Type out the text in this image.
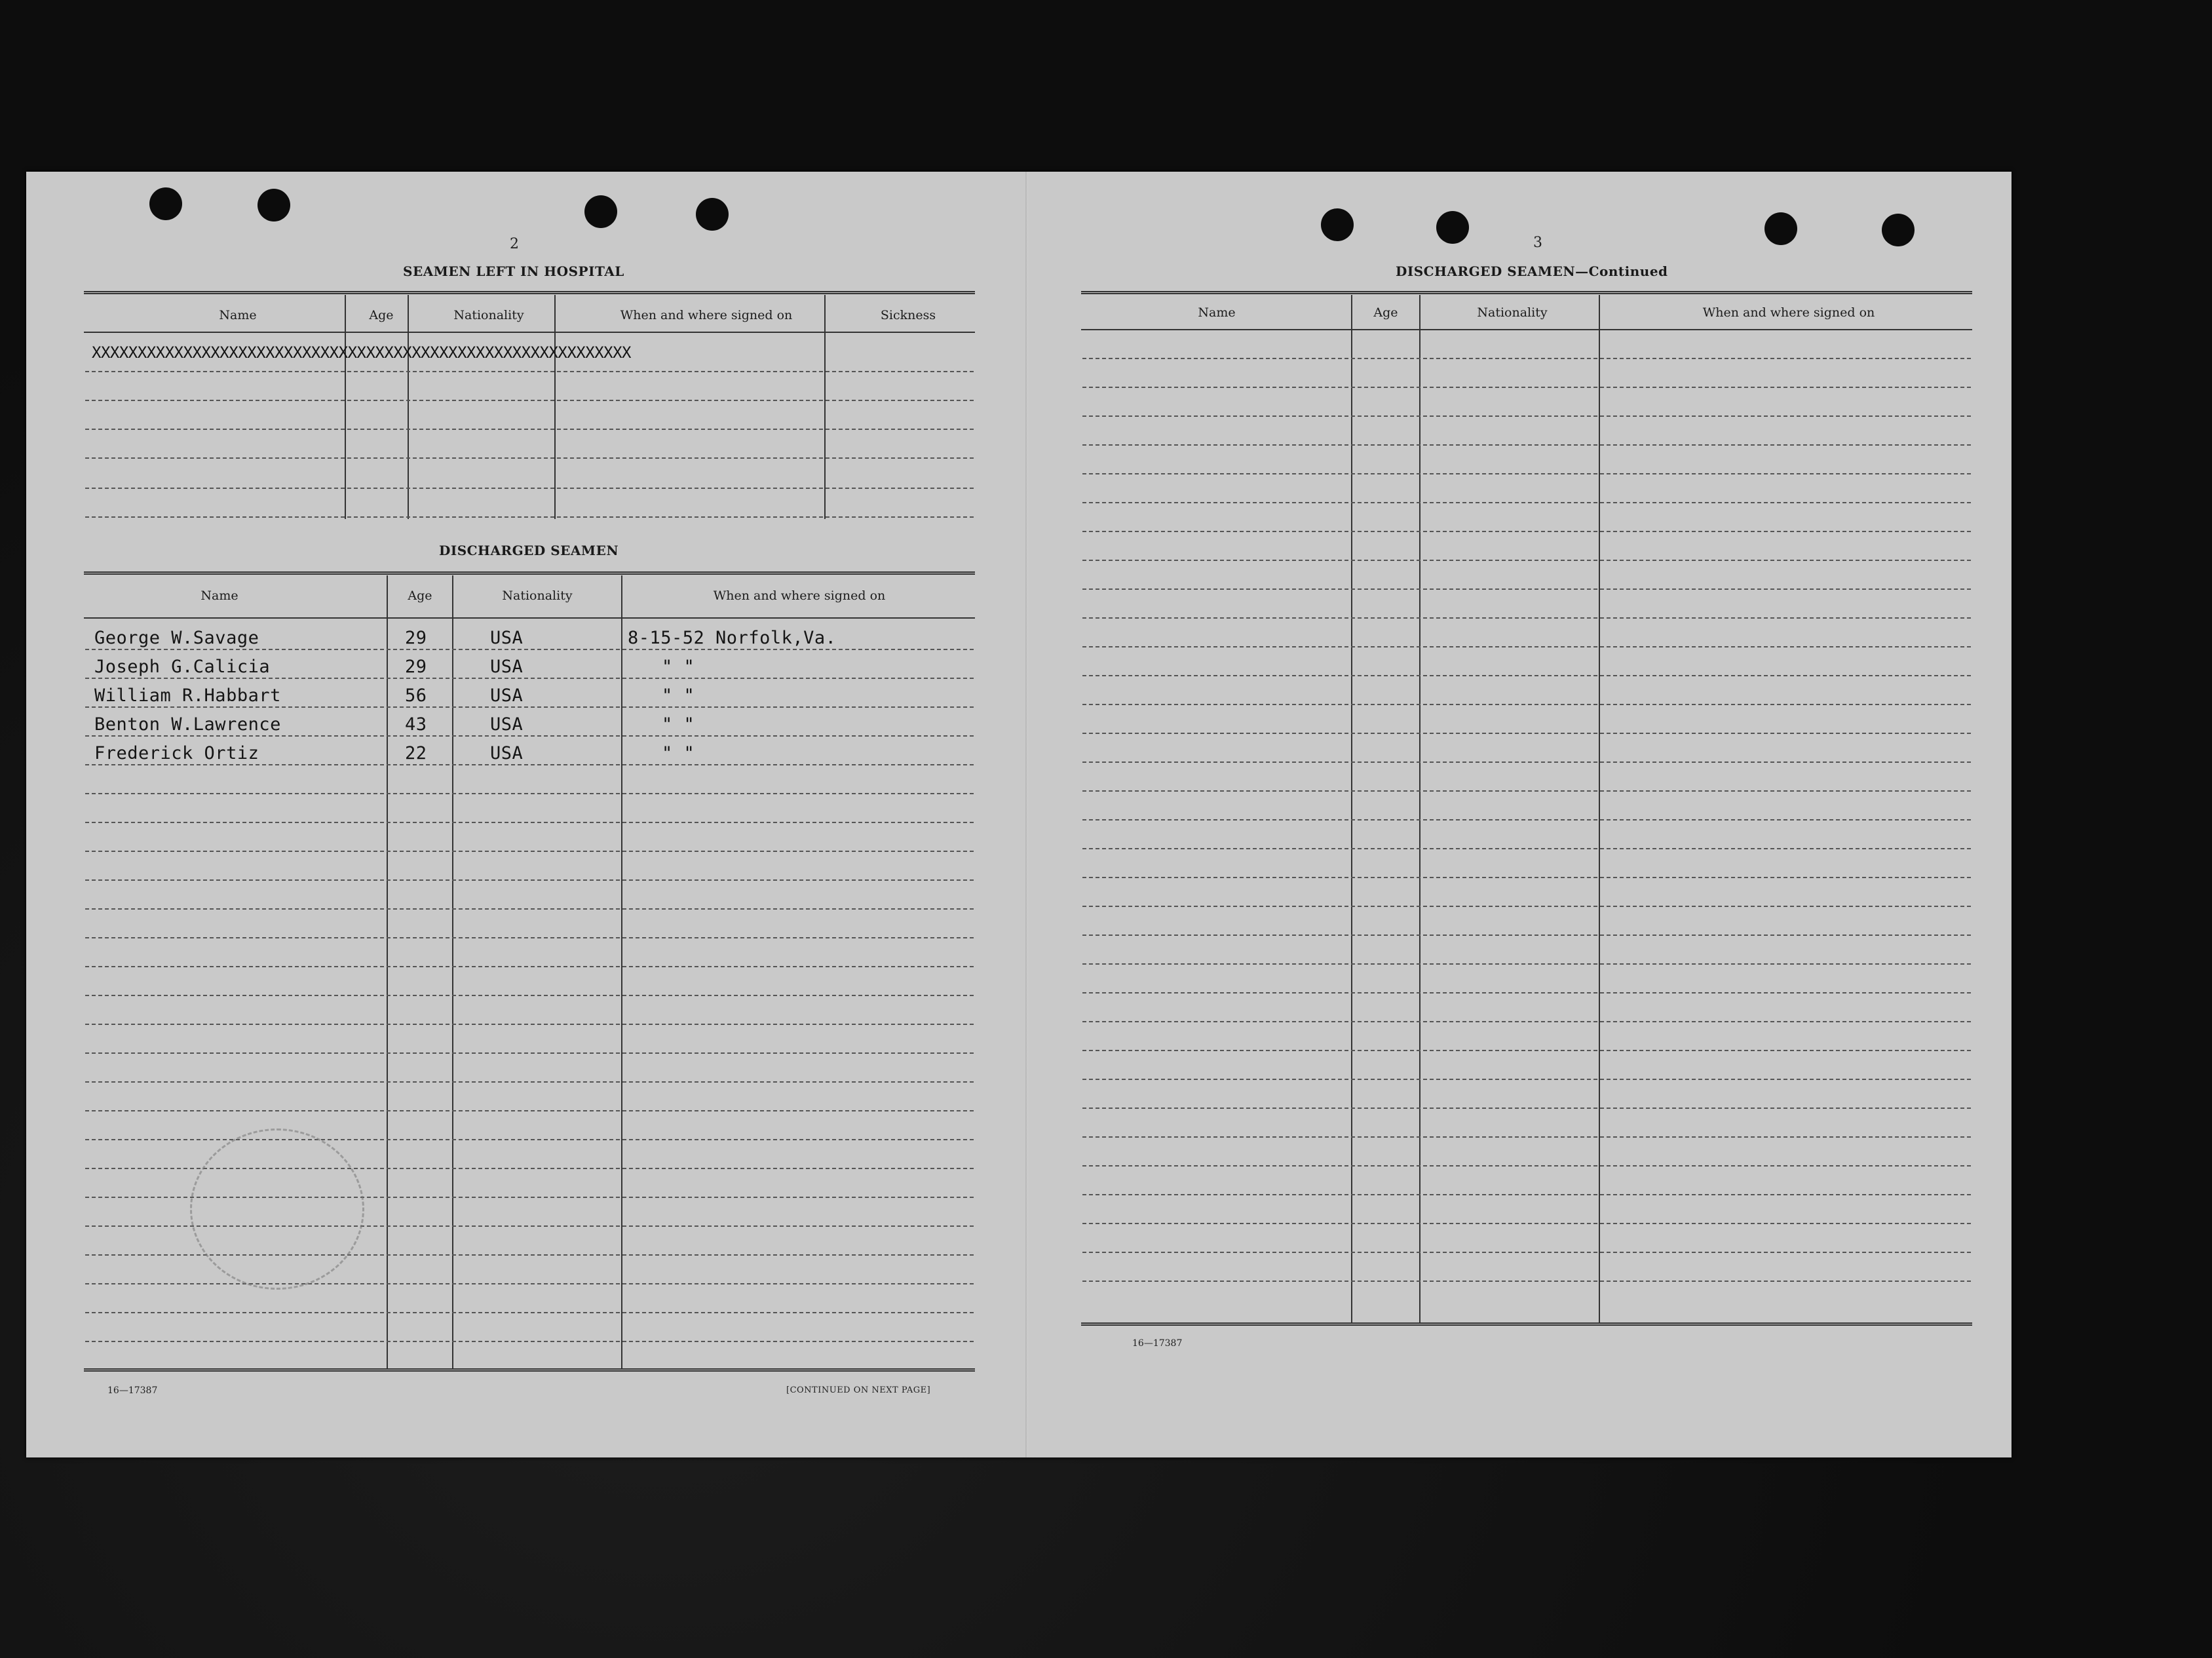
2
SEAMEN LEFT IN HOSPITAL
Name	Age	Nationality	When and where signed on	Sickness
XXXXXXXXXXXXXXXXXXXXXXXXXXXXXXXXXXXXXXXXXXXXXXXXXXXXXXXXXXX
DISCHARGED SEAMEN
Name	Age	Nationality	When and where signed on
George W.Savage	29	USA	8-15-52 Norfolk,Va.
Joseph G.Calicia	29	USA	" "
William R.Habbart	56	USA	" "
Benton W.Lawrence	43	USA	" "
Frederick Ortiz	22	USA	" "
16—17387	[CONTINUED ON NEXT PAGE]
3
DISCHARGED SEAMEN—Continued
Name	Age	Nationality	When and where signed on
16—17387
